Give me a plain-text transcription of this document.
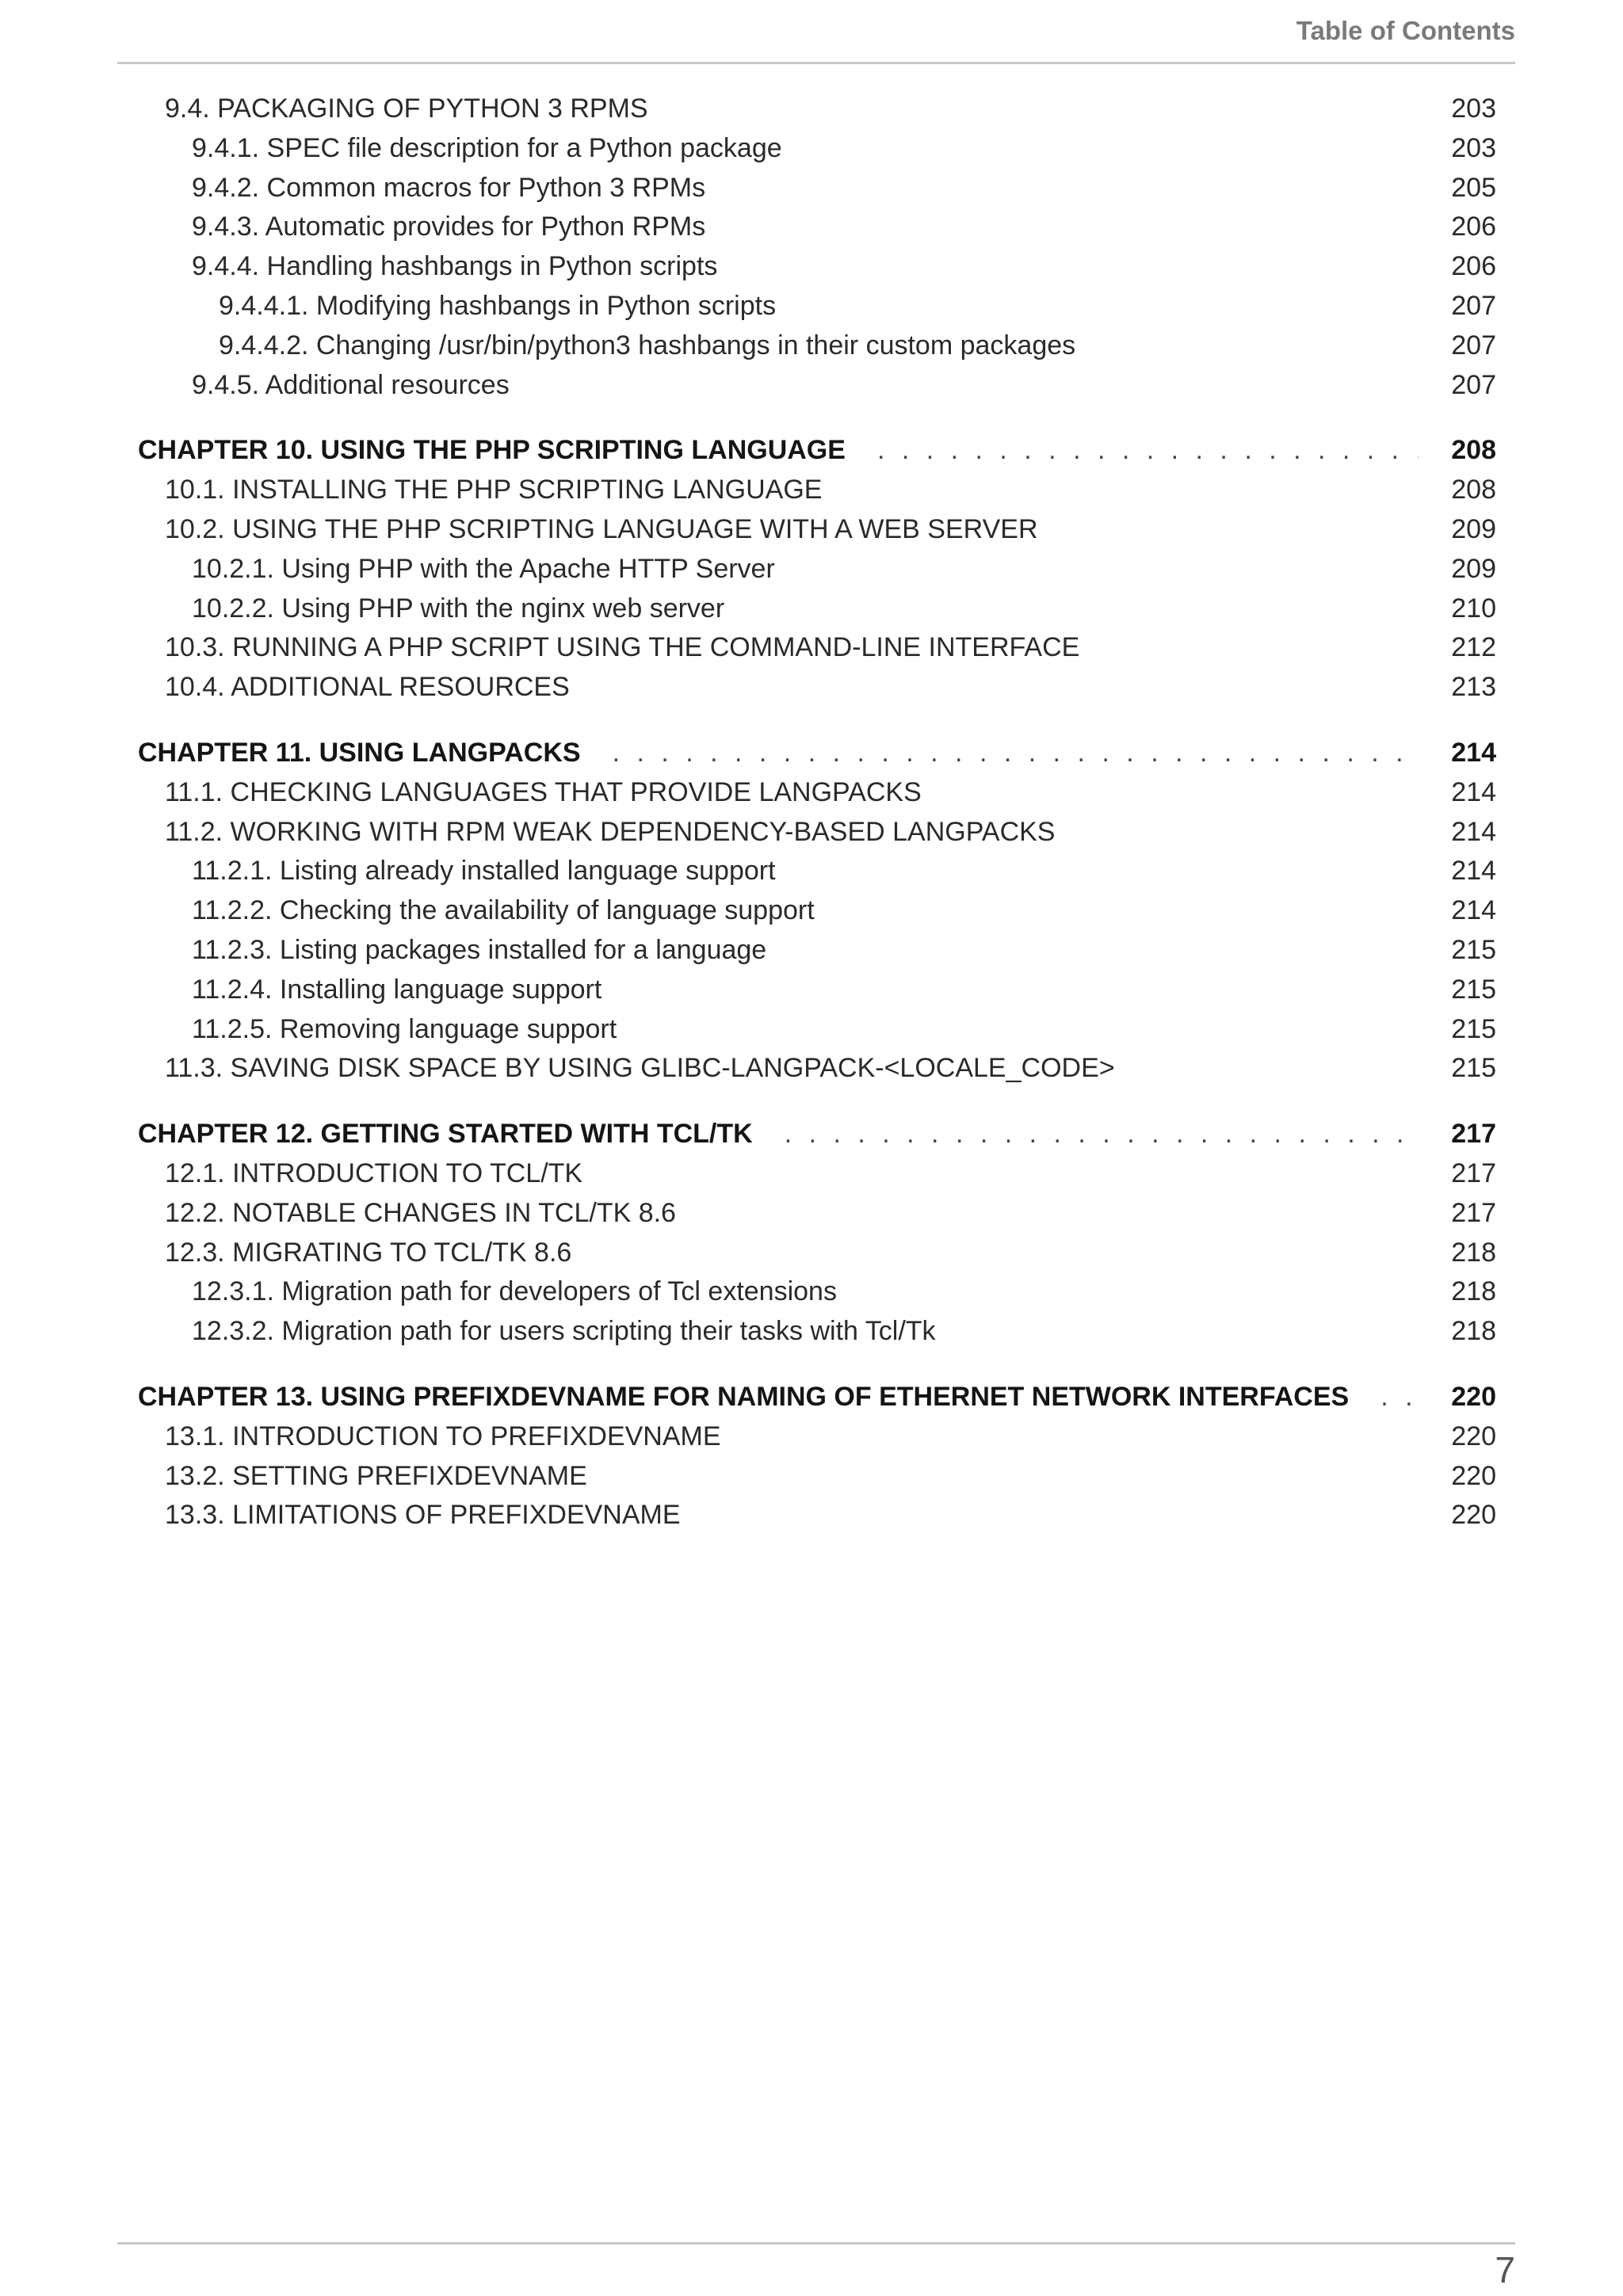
Table of Contents
9.4. PACKAGING OF PYTHON 3 RPMS	203
9.4.1. SPEC file description for a Python package	203
9.4.2. Common macros for Python 3 RPMs	205
9.4.3. Automatic provides for Python RPMs	206
9.4.4. Handling hashbangs in Python scripts	206
9.4.4.1. Modifying hashbangs in Python scripts	207
9.4.4.2. Changing /usr/bin/python3 hashbangs in their custom packages	207
9.4.5. Additional resources	207
CHAPTER 10. USING THE PHP SCRIPTING LANGUAGE . . .	208
10.1. INSTALLING THE PHP SCRIPTING LANGUAGE	208
10.2. USING THE PHP SCRIPTING LANGUAGE WITH A WEB SERVER	209
10.2.1. Using PHP with the Apache HTTP Server	209
10.2.2. Using PHP with the nginx web server	210
10.3. RUNNING A PHP SCRIPT USING THE COMMAND-LINE INTERFACE	212
10.4. ADDITIONAL RESOURCES	213
CHAPTER 11. USING LANGPACKS . . .	214
11.1. CHECKING LANGUAGES THAT PROVIDE LANGPACKS	214
11.2. WORKING WITH RPM WEAK DEPENDENCY-BASED LANGPACKS	214
11.2.1. Listing already installed language support	214
11.2.2. Checking the availability of language support	214
11.2.3. Listing packages installed for a language	215
11.2.4. Installing language support	215
11.2.5. Removing language support	215
11.3. SAVING DISK SPACE BY USING GLIBC-LANGPACK-<LOCALE_CODE>	215
CHAPTER 12. GETTING STARTED WITH TCL/TK . . .	217
12.1. INTRODUCTION TO TCL/TK	217
12.2. NOTABLE CHANGES IN TCL/TK 8.6	217
12.3. MIGRATING TO TCL/TK 8.6	218
12.3.1. Migration path for developers of Tcl extensions	218
12.3.2. Migration path for users scripting their tasks with Tcl/Tk	218
CHAPTER 13. USING PREFIXDEVNAME FOR NAMING OF ETHERNET NETWORK INTERFACES . . .	220
13.1. INTRODUCTION TO PREFIXDEVNAME	220
13.2. SETTING PREFIXDEVNAME	220
13.3. LIMITATIONS OF PREFIXDEVNAME	220
7
